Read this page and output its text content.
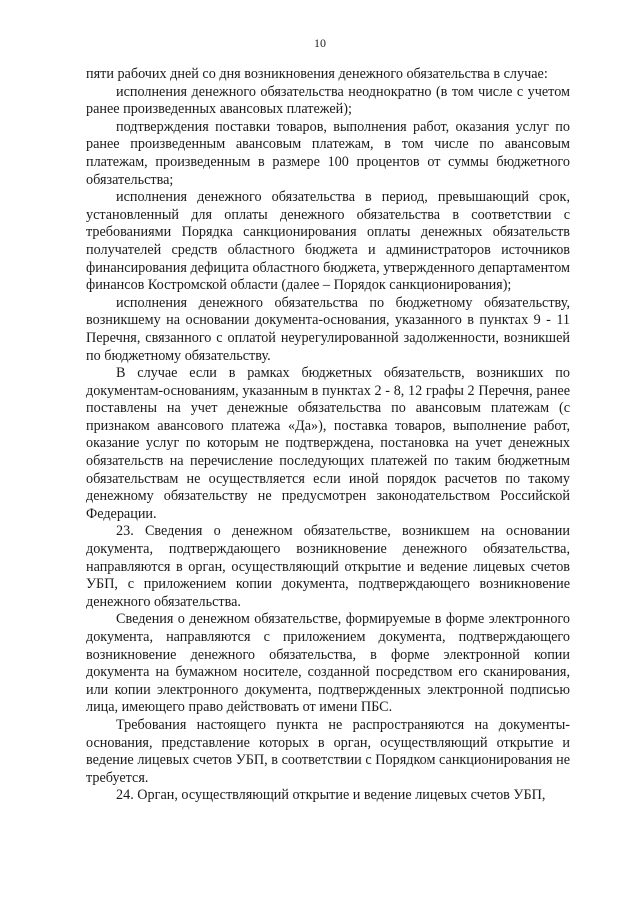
10

пяти рабочих дней со дня возникновения денежного обязательства в случае:

исполнения денежного обязательства неоднократно (в том числе с учетом ранее произведенных авансовых платежей);

подтверждения поставки товаров, выполнения работ, оказания услуг по ранее произведенным авансовым платежам, в том числе по авансовым платежам, произведенным в размере 100 процентов от суммы бюджетного обязательства;

исполнения денежного обязательства в период, превышающий срок, установленный для оплаты денежного обязательства в соответствии с требованиями Порядка санкционирования оплаты денежных обязательств получателей средств областного бюджета и администраторов источников финансирования дефицита областного бюджета, утвержденного департаментом финансов Костромской области (далее – Порядок санкционирования);

исполнения денежного обязательства по бюджетному обязательству, возникшему на основании документа-основания, указанного в пунктах 9 - 11 Перечня, связанного с оплатой неурегулированной задолженности, возникшей по бюджетному обязательству.

В случае если в рамках бюджетных обязательств, возникших по документам-основаниям, указанным в пунктах 2 - 8, 12 графы 2 Перечня, ранее поставлены на учет денежные обязательства по авансовым платежам (с признаком авансового платежа «Да»), поставка товаров, выполнение работ, оказание услуг по которым не подтверждена, постановка на учет денежных обязательств на перечисление последующих платежей по таким бюджетным обязательствам не осуществляется если иной порядок расчетов по такому денежному обязательству не предусмотрен законодательством Российской Федерации.

23. Сведения о денежном обязательстве, возникшем на основании документа, подтверждающего возникновение денежного обязательства, направляются в орган, осуществляющий открытие и ведение лицевых счетов УБП, с приложением копии документа, подтверждающего возникновение денежного обязательства.

Сведения о денежном обязательстве, формируемые в форме электронного документа, направляются с приложением документа, подтверждающего возникновение денежного обязательства, в форме электронной копии документа на бумажном носителе, созданной посредством его сканирования, или копии электронного документа, подтвержденных электронной подписью лица, имеющего право действовать от имени ПБС.

Требования настоящего пункта не распространяются на документы-основания, представление которых в орган, осуществляющий открытие и ведение лицевых счетов УБП, в соответствии с Порядком санкционирования не требуется.

24. Орган, осуществляющий открытие и ведение лицевых счетов УБП,
